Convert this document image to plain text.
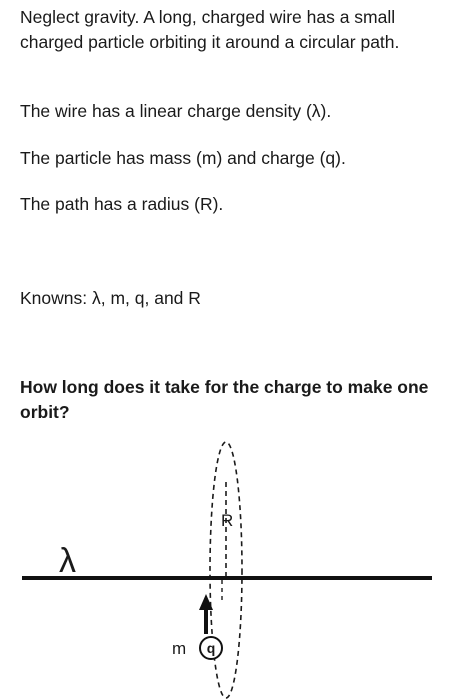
Neglect gravity. A long, charged wire has a small charged particle orbiting it around a circular path.

The wire has a linear charge density (λ).

The particle has mass (m) and charge (q).

The path has a radius (R).

Knowns: λ, m, q, and R

How long does it take for the charge to make one orbit?

λ
R
m q
